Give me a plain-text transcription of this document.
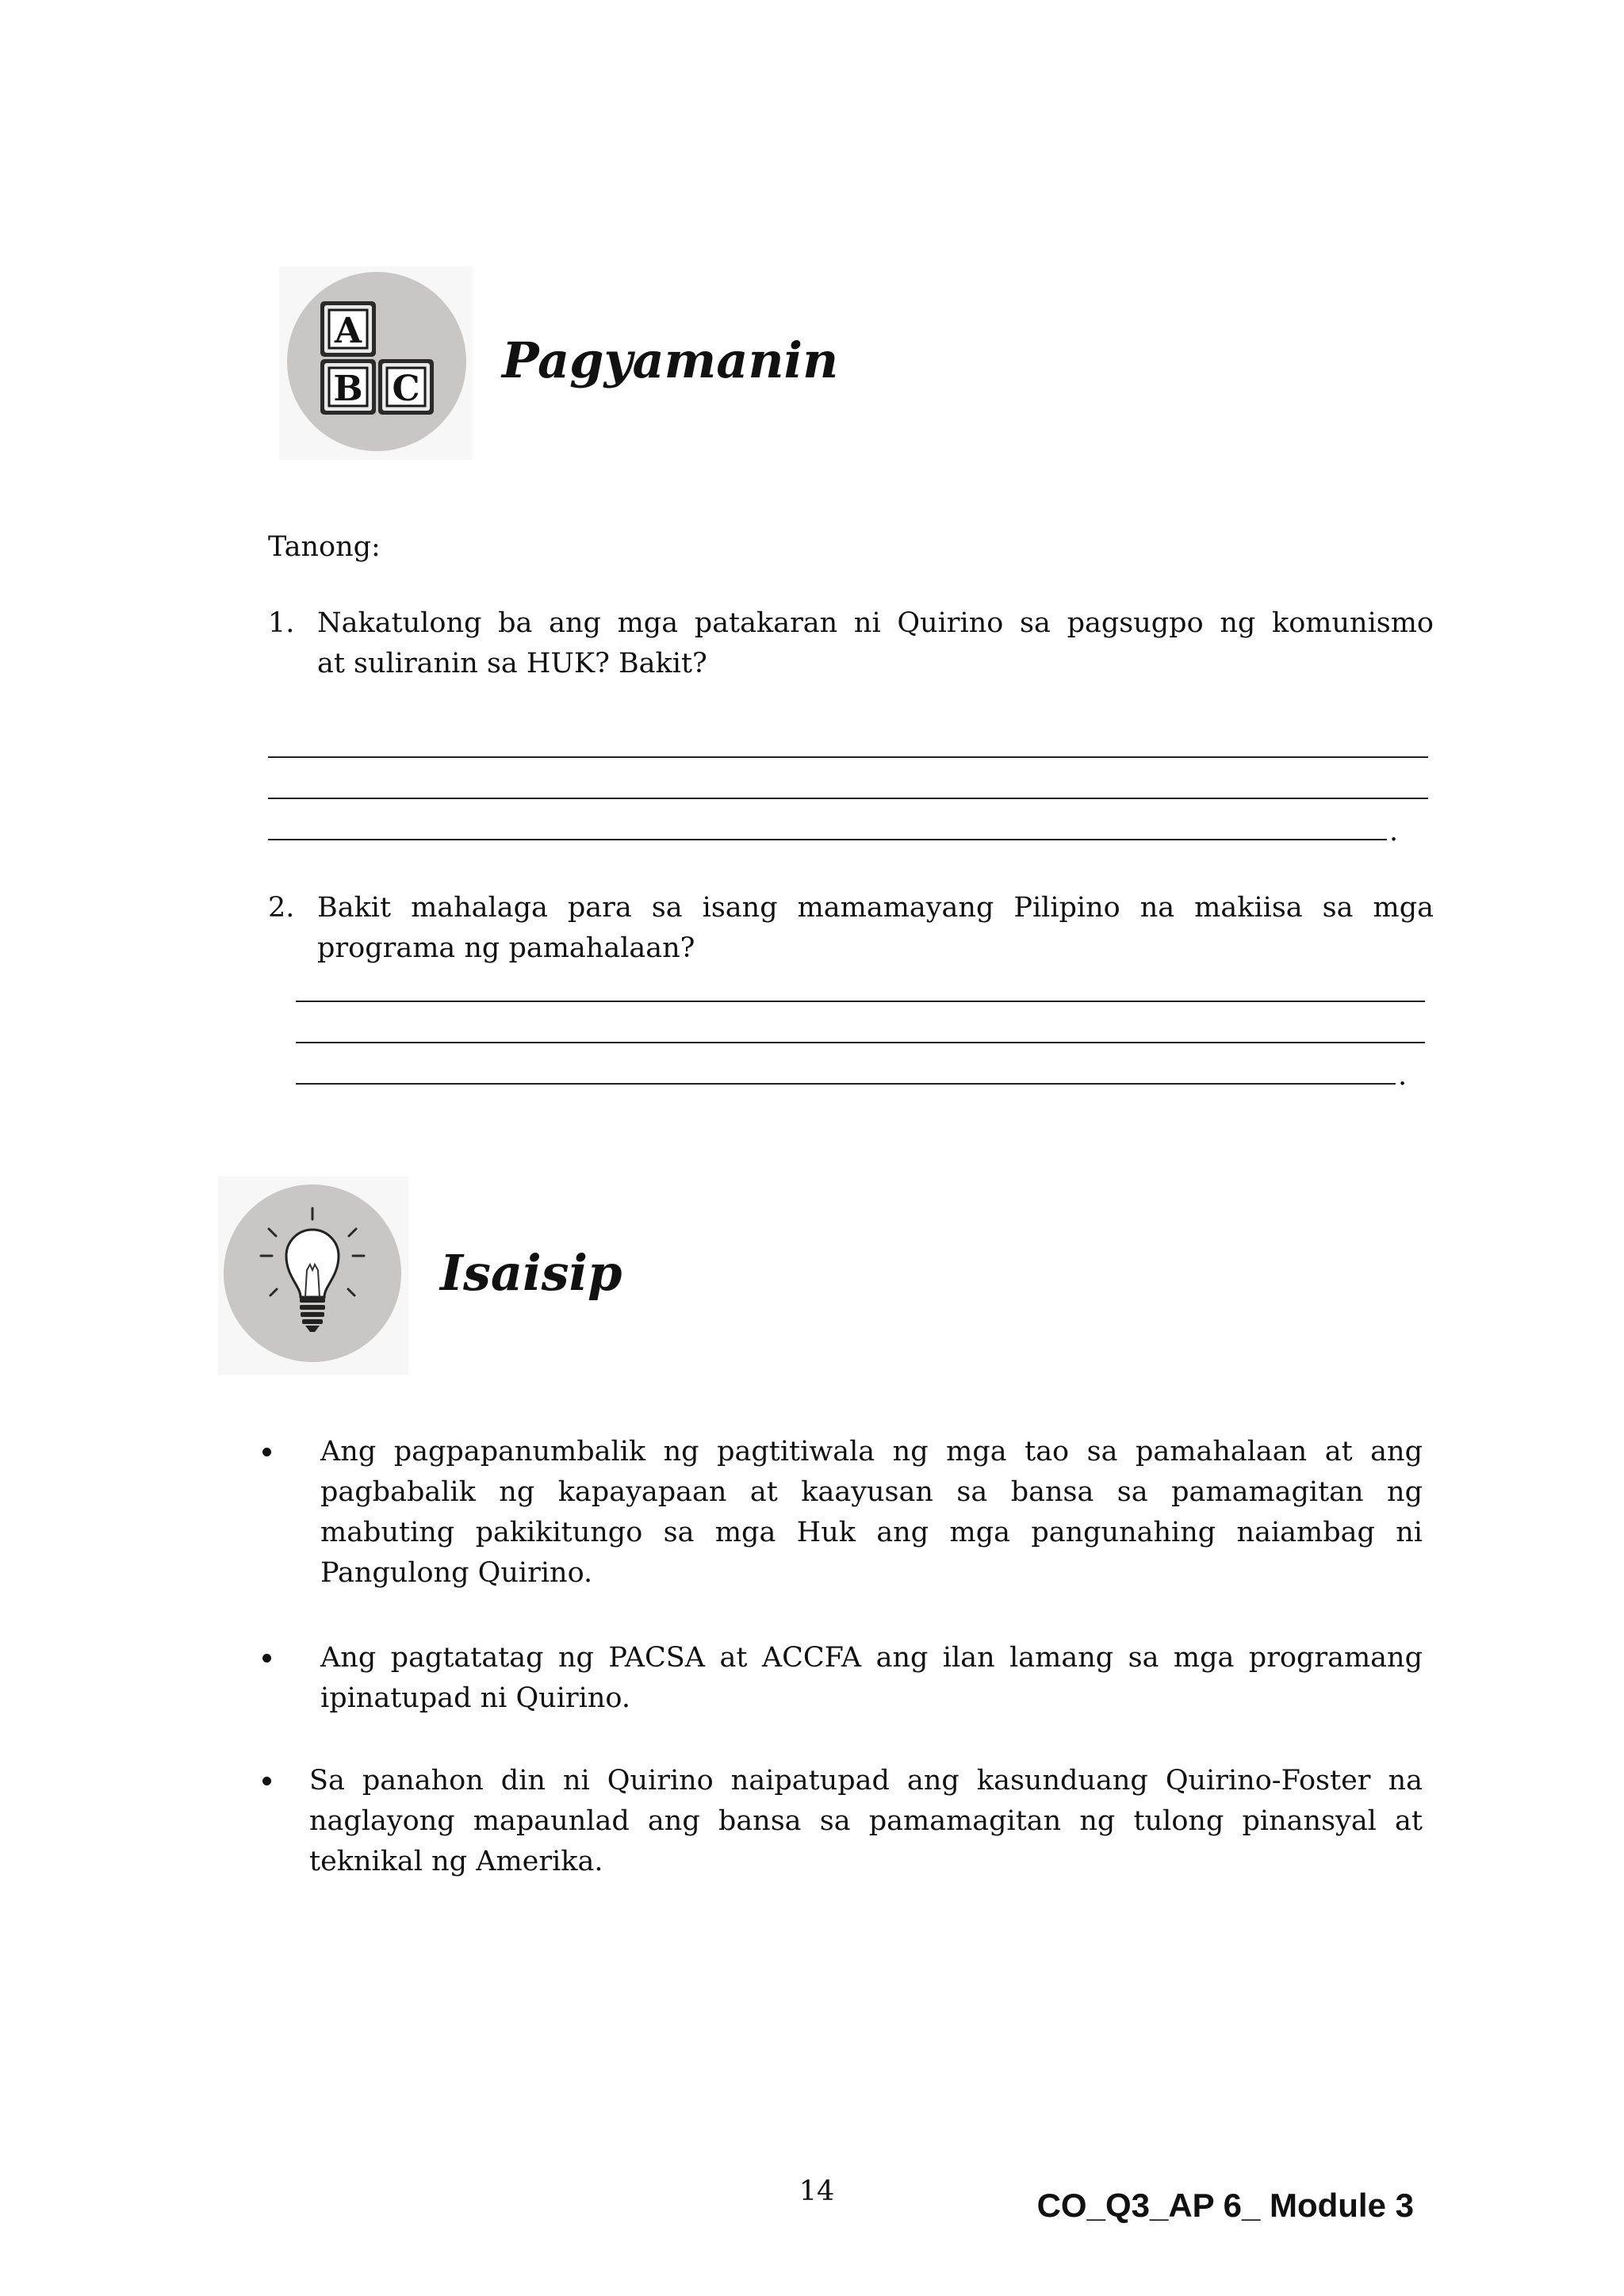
A
B C Pagyamanin
Tanong:
1. Nakatulong ba ang mga patakaran ni Quirino sa pagsugpo ng komunismo
at suliranin sa HUK? Bakit?
.
2. Bakit mahalaga para sa isang mamamayang Pilipino na makiisa sa mga
programa ng pamahalaan?
.
Isaisip
Ang pagpapanumbalik ng pagtitiwala ng mga tao sa pamahalaan at ang
pagbabalik ng kapayapaan at kaayusan sa bansa sa pamamagitan ng
mabuting pakikitungo sa mga Huk ang mga pangunahing naiambag ni
Pangulong Quirino.
Ang pagtatatag ng PACSA at ACCFA ang ilan lamang sa mga programang
ipinatupad ni Quirino.
Sa panahon din ni Quirino naipatupad ang kasunduang Quirino-Foster na
naglayong mapaunlad ang bansa sa pamamagitan ng tulong pinansyal at
teknikal ng Amerika.
14	CO_Q3_AP 6_ Module 3
